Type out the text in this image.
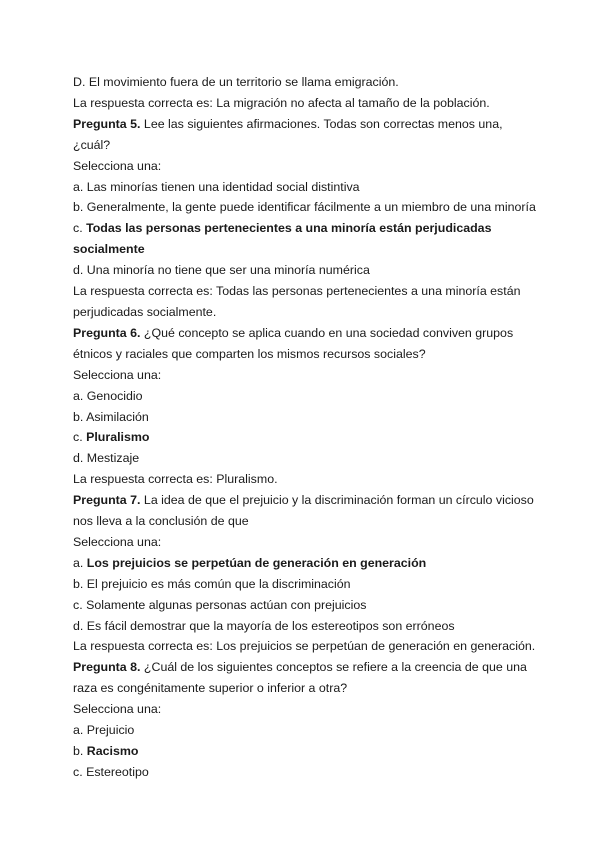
D. El movimiento fuera de un territorio se llama emigración.
La respuesta correcta es: La migración no afecta al tamaño de la población.
Pregunta 5. Lee las siguientes afirmaciones. Todas son correctas menos una,
¿cuál?
Selecciona una:
a. Las minorías tienen una identidad social distintiva
b. Generalmente, la gente puede identificar fácilmente a un miembro de una minoría
c. Todas las personas pertenecientes a una minoría están perjudicadas
socialmente
d. Una minoría no tiene que ser una minoría numérica
La respuesta correcta es: Todas las personas pertenecientes a una minoría están
perjudicadas socialmente.
Pregunta 6. ¿Qué concepto se aplica cuando en una sociedad conviven grupos
étnicos y raciales que comparten los mismos recursos sociales?
Selecciona una:
a. Genocidio
b. Asimilación
c. Pluralismo
d. Mestizaje
La respuesta correcta es: Pluralismo.
Pregunta 7. La idea de que el prejuicio y la discriminación forman un círculo vicioso
nos lleva a la conclusión de que
Selecciona una:
a. Los prejuicios se perpetúan de generación en generación
b. El prejuicio es más común que la discriminación
c. Solamente algunas personas actúan con prejuicios
d. Es fácil demostrar que la mayoría de los estereotipos son erróneos
La respuesta correcta es: Los prejuicios se perpetúan de generación en generación.
Pregunta 8. ¿Cuál de los siguientes conceptos se refiere a la creencia de que una
raza es congénitamente superior o inferior a otra?
Selecciona una:
a. Prejuicio
b. Racismo
c. Estereotipo
